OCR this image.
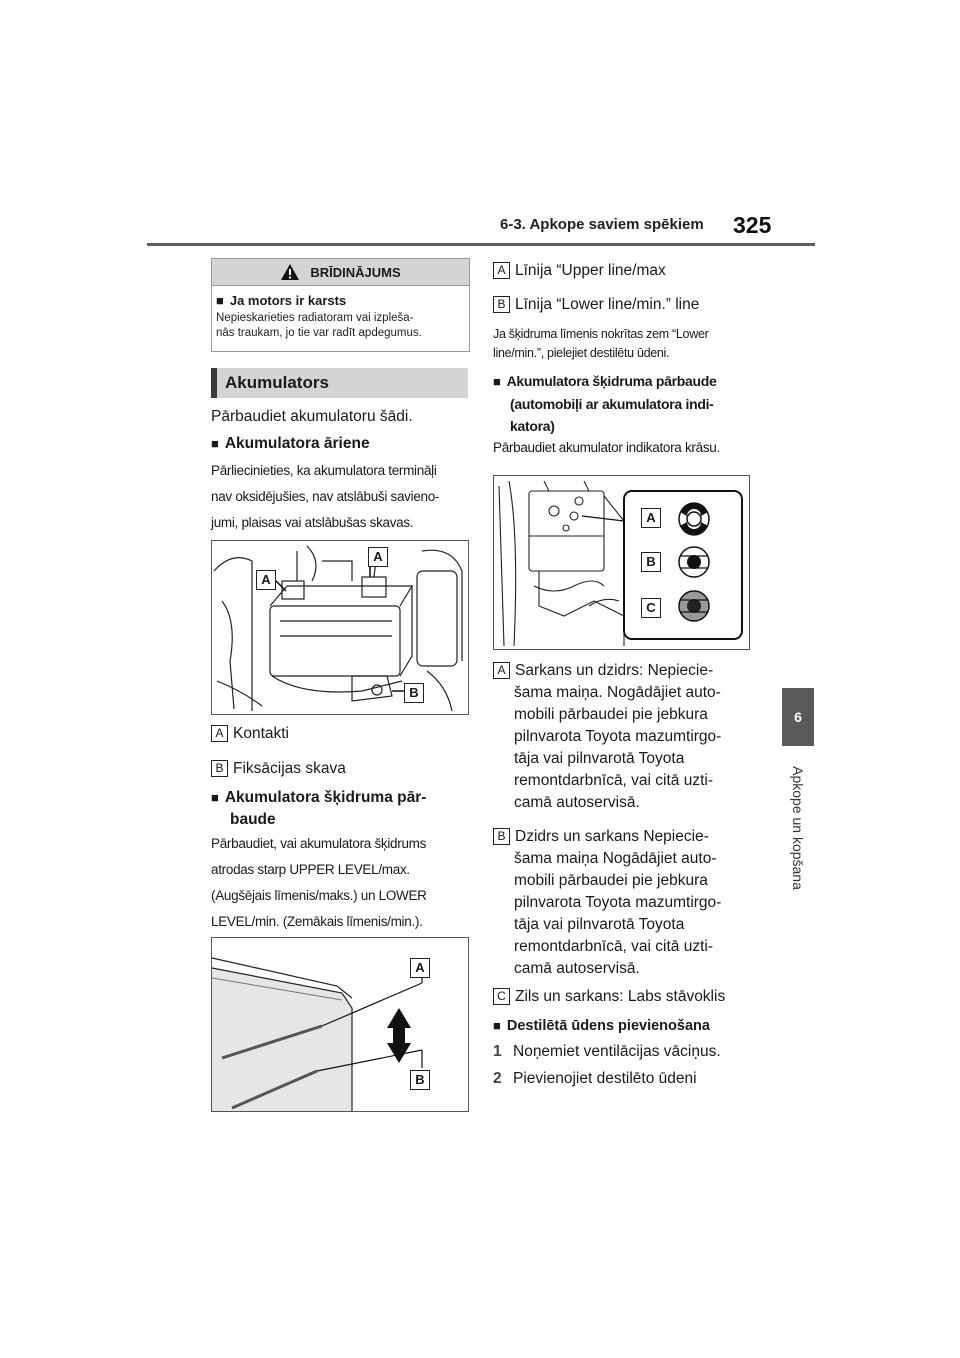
6-3. Apkope saviem spēkiem 325
6
Apkope un kopšana
BRĪDINĀJUMS
■ Ja motors ir karsts
Nepieskarieties radiatoram vai izpleša-
nās traukam, jo tie var radīt apdegumus.
Akumulators
Pārbaudiet akumulatoru šādi.
■ Akumulatora āriene
Pārliecinieties, ka akumulatora termināļi
nav oksidējušies, nav atslābuši savieno-
jumi, plaisas vai atslābušas skavas.
A
A
B
A Kontakti
B Fiksācijas skava
■ Akumulatora šķidruma pār-
baude
Pārbaudiet, vai akumulatora šķidrums
atrodas starp UPPER LEVEL/max.
(Augšējais līmenis/maks.) un LOWER
LEVEL/min. (Zemākais līmenis/min.).
A
B
A Līnija “Upper line/max
B Līnija “Lower line/min.” line
Ja šķidruma līmenis nokrītas zem “Lower
line/min.”, pielejiet destilētu ūdeni.
■ Akumulatora šķidruma pārbaude
(automobiļi ar akumulatora indi-
katora)
Pārbaudiet akumulator indikatora krāsu.
A
B
C
A Sarkans un dzidrs: Nepiecie-
šama maiņa. Nogādājiet auto-
mobili pārbaudei pie jebkura
pilnvarota Toyota mazumtirgo-
tāja vai pilnvarotā Toyota
remontdarbnīcā, vai citā uzti-
camā autoservisā.
B Dzidrs un sarkans Nepiecie-
šama maiņa Nogādājiet auto-
mobili pārbaudei pie jebkura
pilnvarota Toyota mazumtirgo-
tāja vai pilnvarotā Toyota
remontdarbnīcā, vai citā uzti-
camā autoservisā.
C Zils un sarkans: Labs stāvoklis
■ Destilētā ūdens pievienošana
1 Noņemiet ventilācijas vāciņus.
2 Pievienojiet destilēto ūdeni
